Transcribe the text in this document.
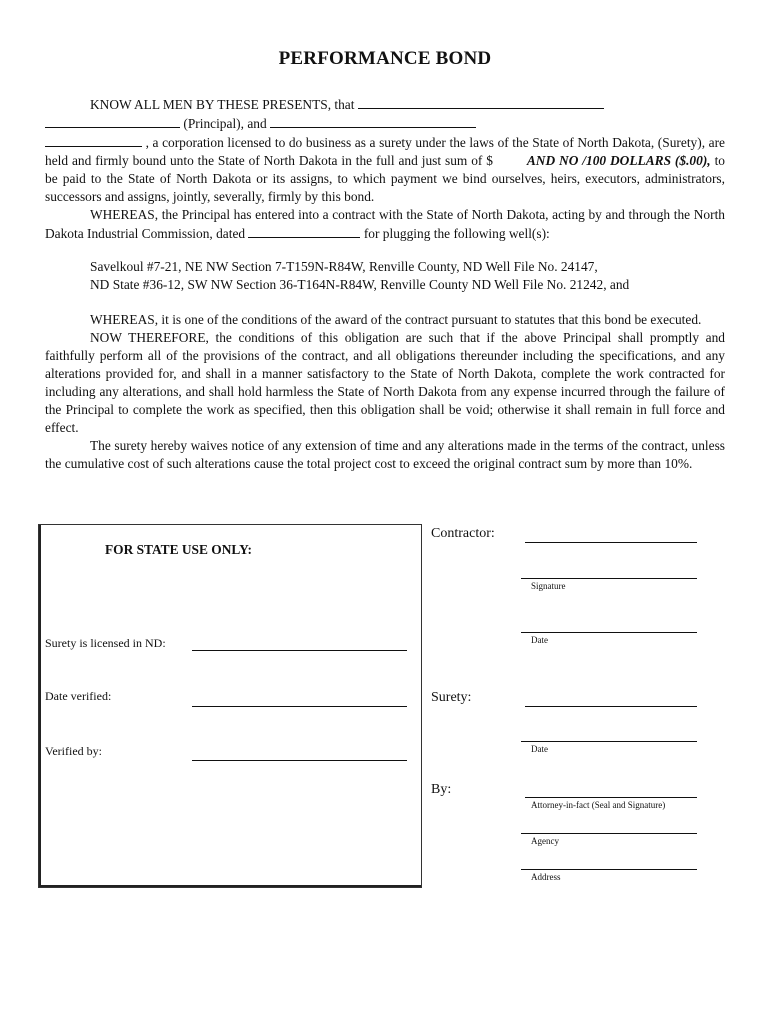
PERFORMANCE BOND
KNOW ALL MEN BY THESE PRESENTS, that
(Principal), and
, a corporation licensed to do business as a surety under the laws of the State of North Dakota, (Surety), are held and firmly bound unto the State of North Dakota in the full and just sum of $	AND NO /100 DOLLARS ($.00), to be paid to the State of North Dakota or its assigns, to which payment we bind ourselves, heirs, executors, administrators, successors and assigns, jointly, severally, firmly by this bond.
WHEREAS, the Principal has entered into a contract with the State of North Dakota, acting by and through the North Dakota Industrial Commission, dated	for plugging the following well(s):
Savelkoul #7-21, NE NW Section 7-T159N-R84W, Renville County, ND Well File No. 24147,
ND State #36-12, SW NW Section 36-T164N-R84W, Renville County ND Well File No. 21242, and
WHEREAS, it is one of the conditions of the award of the contract pursuant to statutes that this bond be executed.
NOW THEREFORE, the conditions of this obligation are such that if the above Principal shall promptly and faithfully perform all of the provisions of the contract, and all obligations thereunder including the specifications, and any alterations provided for, and shall in a manner satisfactory to the State of North Dakota, complete the work contracted for including any alterations, and shall hold harmless the State of North Dakota from any expense incurred through the failure of the Principal to complete the work as specified, then this obligation shall be void; otherwise it shall remain in full force and effect.
The surety hereby waives notice of any extension of time and any alterations made in the terms of the contract, unless the cumulative cost of such alterations cause the total project cost to exceed the original contract sum by more than 10%.
FOR STATE USE ONLY:
Surety is licensed in ND:
Date verified:
Verified by:
Contractor:
Signature
Date
Surety:
Date
By:
Attorney-in-fact (Seal and Signature)
Agency
Address
